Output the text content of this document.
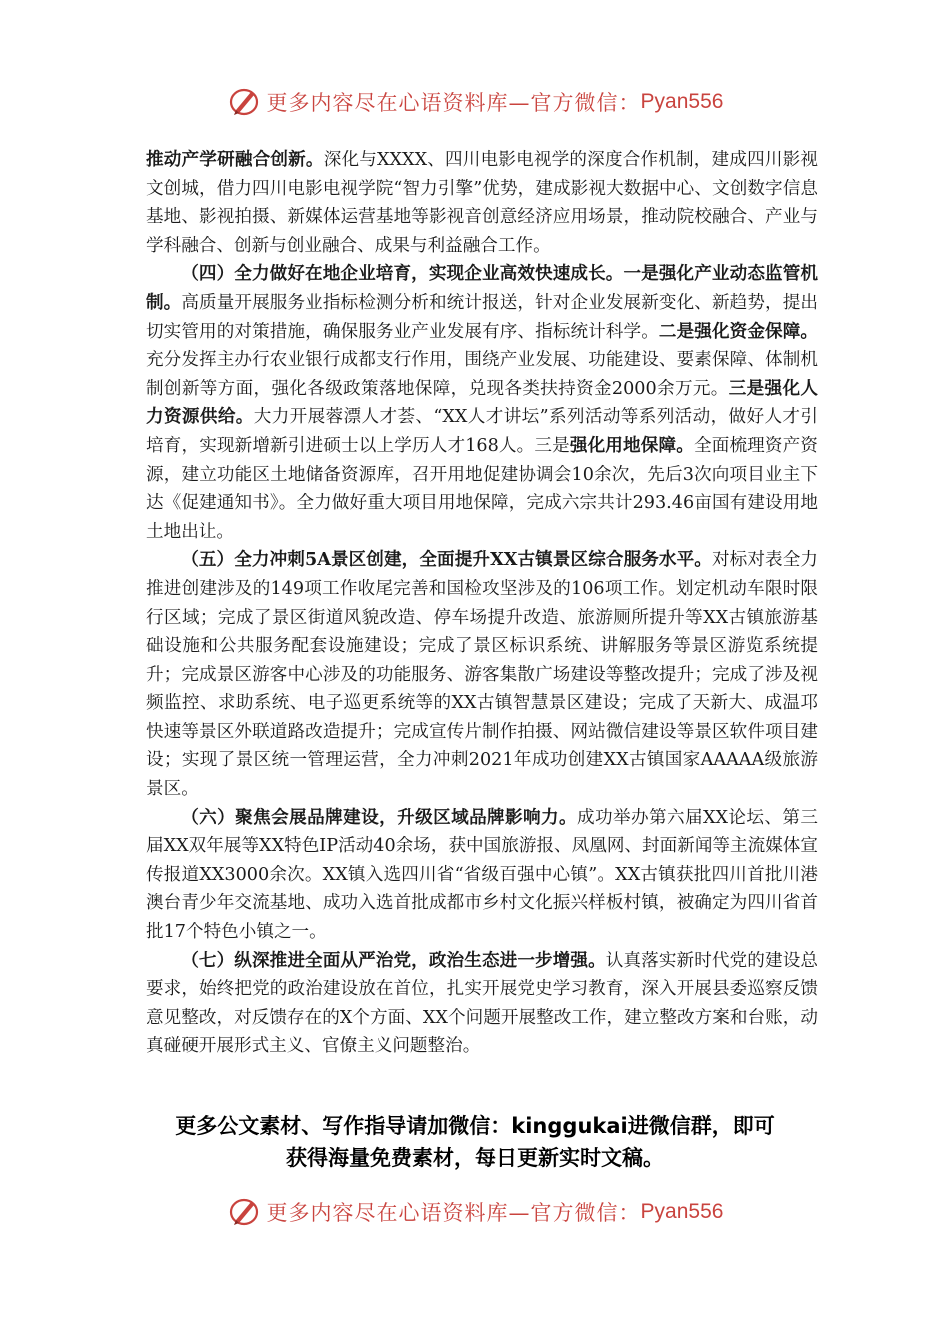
更多内容尽在心语资料库—官方微信： Pyan556

推动产学研融合创新。深化与XXXX、四川电影电视学的深度合作机制，建成四川影视文创城，借力四川电影电视学院“智力引擎”优势，建成影视大数据中心、文创数字信息基地、影视拍摄、新媒体运营基地等影视音创意经济应用场景，推动院校融合、产业与学科融合、创新与创业融合、成果与利益融合工作。

（四）全力做好在地企业培育，实现企业高效快速成长。一是强化产业动态监管机制。高质量开展服务业指标检测分析和统计报送，针对企业发展新变化、新趋势，提出切实管用的对策措施，确保服务业产业发展有序、指标统计科学。二是强化资金保障。充分发挥主办行农业银行成都支行作用，围绕产业发展、功能建设、要素保障、体制机制创新等方面，强化各级政策落地保障，兑现各类扶持资金2000余万元。三是强化人力资源供给。大力开展蓉漂人才荟、“XX人才讲坛”系列活动等系列活动，做好人才引培育，实现新增新引进硕士以上学历人才168人。三是强化用地保障。全面梳理资产资源，建立功能区土地储备资源库，召开用地促建协调会10余次，先后3次向项目业主下达《促建通知书》。全力做好重大项目用地保障，完成六宗共计293.46亩国有建设用地土地出让。

（五）全力冲刺5A景区创建，全面提升XX古镇景区综合服务水平。对标对表全力推进创建涉及的149项工作收尾完善和国检攻坚涉及的106项工作。划定机动车限时限行区域；完成了景区街道风貌改造、停车场提升改造、旅游厕所提升等XX古镇旅游基础设施和公共服务配套设施建设；完成了景区标识系统、讲解服务等景区游览系统提升；完成景区游客中心涉及的功能服务、游客集散广场建设等整改提升；完成了涉及视频监控、求助系统、电子巡更系统等的XX古镇智慧景区建设；完成了天新大、成温邛快速等景区外联道路改造提升；完成宣传片制作拍摄、网站微信建设等景区软件项目建设；实现了景区统一管理运营，全力冲刺2021年成功创建XX古镇国家AAAAA级旅游景区。

（六）聚焦会展品牌建设，升级区域品牌影响力。成功举办第六届XX论坛、第三届XX双年展等XX特色IP活动40余场，获中国旅游报、凤凰网、封面新闻等主流媒体宣传报道XX3000余次。XX镇入选四川省“省级百强中心镇”。XX古镇获批四川首批川港澳台青少年交流基地、成功入选首批成都市乡村文化振兴样板村镇，被确定为四川省首批17个特色小镇之一。

（七）纵深推进全面从严治党，政治生态进一步增强。认真落实新时代党的建设总要求，始终把党的政治建设放在首位，扎实开展党史学习教育，深入开展县委巡察反馈意见整改，对反馈存在的X个方面、XX个问题开展整改工作，建立整改方案和台账，动真碰硬开展形式主义、官僚主义问题整治。

更多公文素材、写作指导请加微信：kinggukai进微信群，即可

获得海量免费素材，每日更新实时文稿。

更多内容尽在心语资料库—官方微信： Pyan556
